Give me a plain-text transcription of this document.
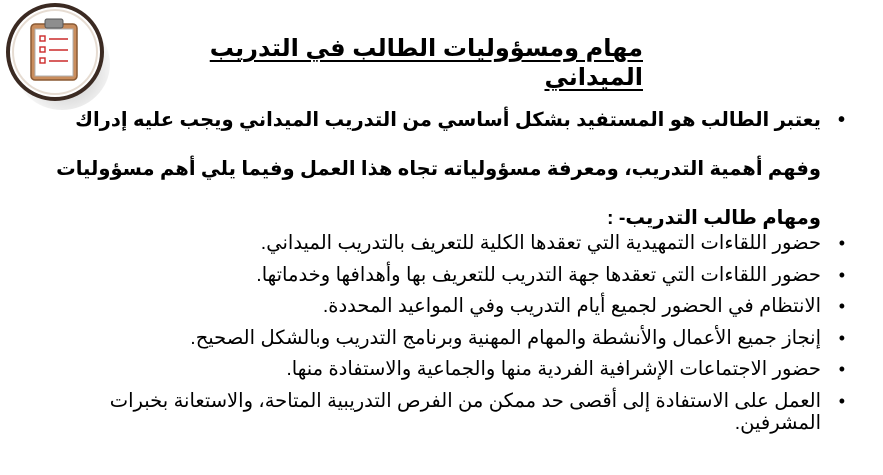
مهام ومسؤوليات الطالب في التدريب الميداني
•
يعتبر الطالب هو المستفيد بشكل أساسي من التدريب الميداني ويجب عليه إدراك وفهم أهمية التدريب، ومعرفة مسؤولياته تجاه هذا العمل وفيما يلي أهم مسؤوليات ومهام طالب التدريب- :
•
حضور اللقاءات التمهيدية التي تعقدها الكلية للتعريف بالتدريب الميداني.
•
حضور اللقاءات التي تعقدها جهة التدريب للتعريف بها وأهدافها وخدماتها.
•
الانتظام في الحضور لجميع أيام التدريب وفي المواعيد المحددة.
•
إنجاز جميع الأعمال والأنشطة والمهام المهنية وبرنامج التدريب وبالشكل الصحيح.
•
حضور الاجتماعات الإشرافية الفردية منها والجماعية والاستفادة منها.
•
العمل على الاستفادة إلى أقصى حد ممكن من الفرص التدريبية المتاحة، والاستعانة بخبرات المشرفين.
